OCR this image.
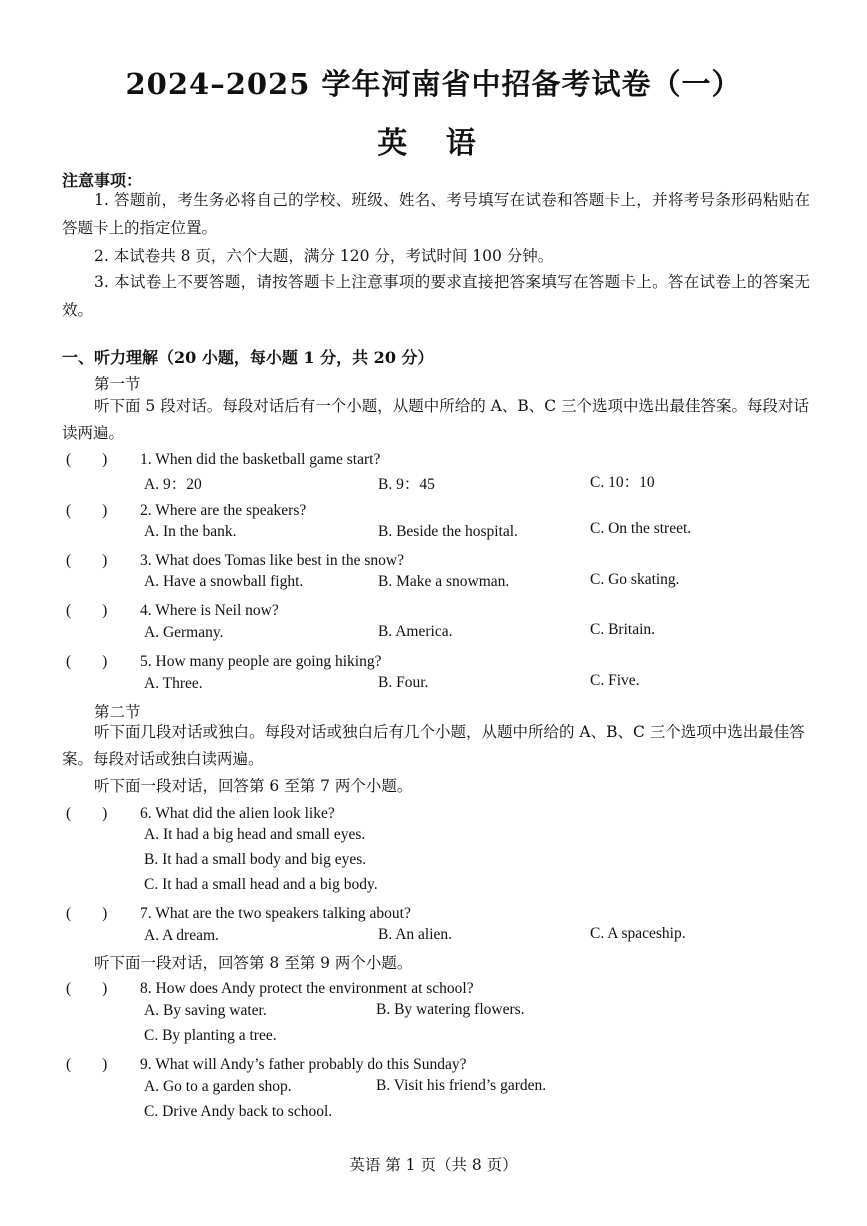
2024–2025 学年河南省中招备考试卷（一）
英 语
注意事项：
1. 答题前，考生务必将自己的学校、班级、姓名、考号填写在试卷和答题卡上，并将考号条形码粘贴在答题卡上的指定位置。
2. 本试卷共 8 页，六个大题，满分 120 分，考试时间 100 分钟。
3. 本试卷上不要答题，请按答题卡上注意事项的要求直接把答案填写在答题卡上。答在试卷上的答案无效。
一、听力理解（20 小题，每小题 1 分，共 20 分）
第一节
听下面 5 段对话。每段对话后有一个小题，从题中所给的 A、B、C 三个选项中选出最佳答案。每段对话读两遍。
(　　) 1. When did the basketball game start?
A. 9：20	B. 9：45	C. 10：10
(　　) 2. Where are the speakers?
A. In the bank.	B. Beside the hospital.	C. On the street.
(　　) 3. What does Tomas like best in the snow?
A. Have a snowball fight.	B. Make a snowman.	C. Go skating.
(　　) 4. Where is Neil now?
A. Germany.	B. America.	C. Britain.
(　　) 5. How many people are going hiking?
A. Three.	B. Four.	C. Five.
第二节
听下面几段对话或独白。每段对话或独白后有几个小题，从题中所给的 A、B、C 三个选项中选出最佳答案。每段对话或独白读两遍。
听下面一段对话，回答第 6 至第 7 两个小题。
(　　) 6. What did the alien look like?
A. It had a big head and small eyes.
B. It had a small body and big eyes.
C. It had a small head and a big body.
(　　) 7. What are the two speakers talking about?
A. A dream.	B. An alien.	C. A spaceship.
听下面一段对话，回答第 8 至第 9 两个小题。
(　　) 8. How does Andy protect the environment at school?
A. By saving water.	B. By watering flowers.
C. By planting a tree.
(　　) 9. What will Andy’s father probably do this Sunday?
A. Go to a garden shop.	B. Visit his friend’s garden.
C. Drive Andy back to school.
英语 第 1 页（共 8 页）
